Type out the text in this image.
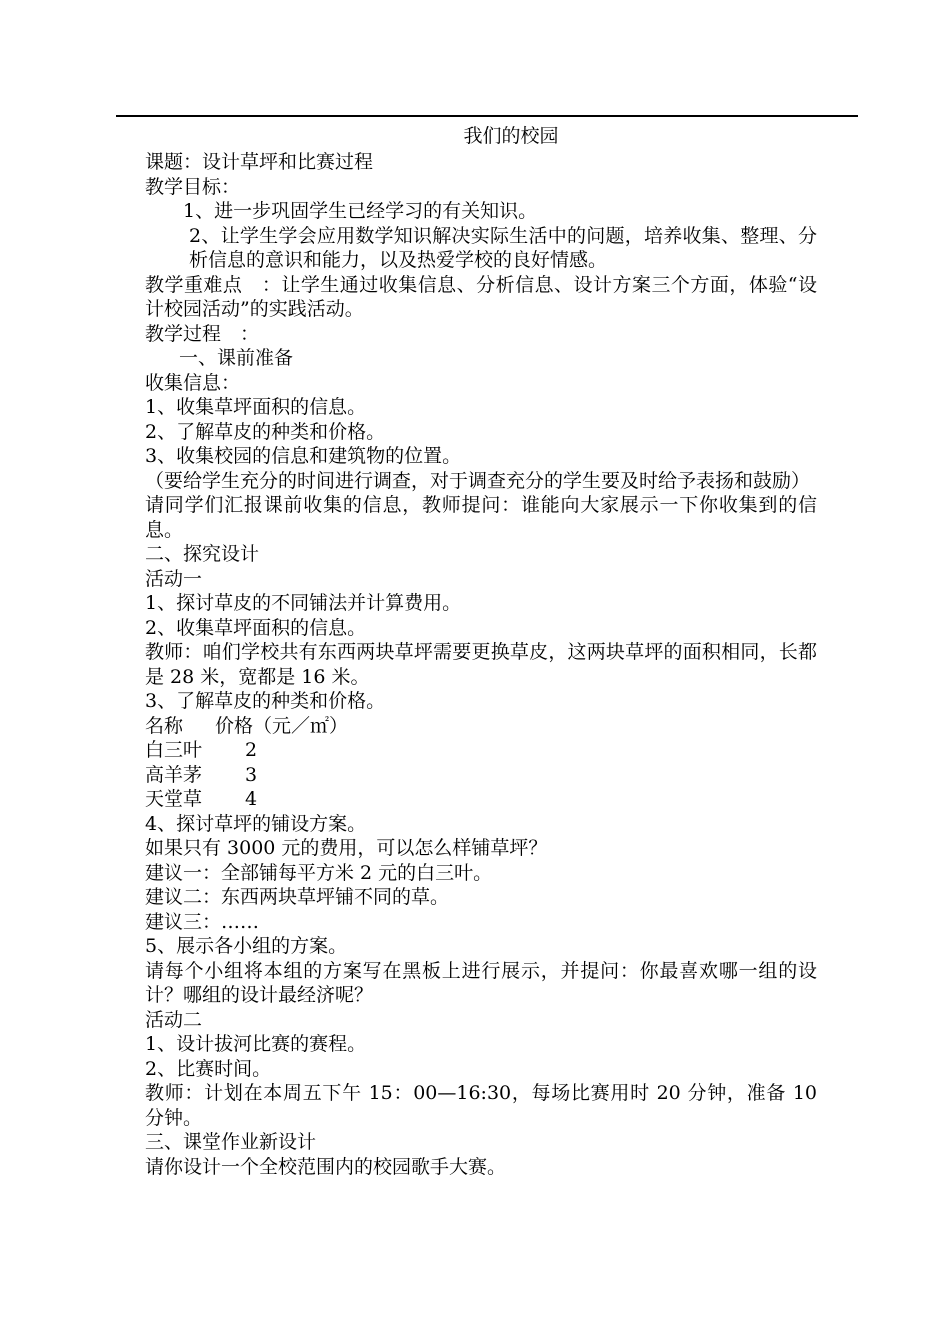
我们的校园
课题：设计草坪和比赛过程
教学目标：
1、进一步巩固学生已经学习的有关知识。
2、让学生学会应用数学知识解决实际生活中的问题，培养收集、整理、分析信息的意识和能力，以及热爱学校的良好情感。
教学重难点　：让学生通过收集信息、分析信息、设计方案三个方面，体验“设计校园活动”的实践活动。
教学过程　：
一、课前准备
收集信息：
1、收集草坪面积的信息。
2、了解草皮的种类和价格。
3、收集校园的信息和建筑物的位置。
（要给学生充分的时间进行调查，对于调查充分的学生要及时给予表扬和鼓励）
请同学们汇报课前收集的信息，教师提问：谁能向大家展示一下你收集到的信息。
二、探究设计
活动一
1、探讨草皮的不同铺法并计算费用。
2、收集草坪面积的信息。
教师：咱们学校共有东西两块草坪需要更换草皮，这两块草坪的面积相同，长都是 28 米，宽都是 16 米。
3、了解草皮的种类和价格。
名称 价格（元／㎡）
白三叶 2
高羊茅 3
天堂草 4
4、探讨草坪的铺设方案。
如果只有 3000 元的费用，可以怎么样铺草坪？
建议一：全部铺每平方米 2 元的白三叶。
建议二：东西两块草坪铺不同的草。
建议三：……
5、展示各小组的方案。
请每个小组将本组的方案写在黑板上进行展示，并提问：你最喜欢哪一组的设计？哪组的设计最经济呢？
活动二
1、设计拔河比赛的赛程。
2、比赛时间。
教师：计划在本周五下午 15：00—16:30，每场比赛用时 20 分钟，准备 10 分钟。
三、课堂作业新设计
请你设计一个全校范围内的校园歌手大赛。
